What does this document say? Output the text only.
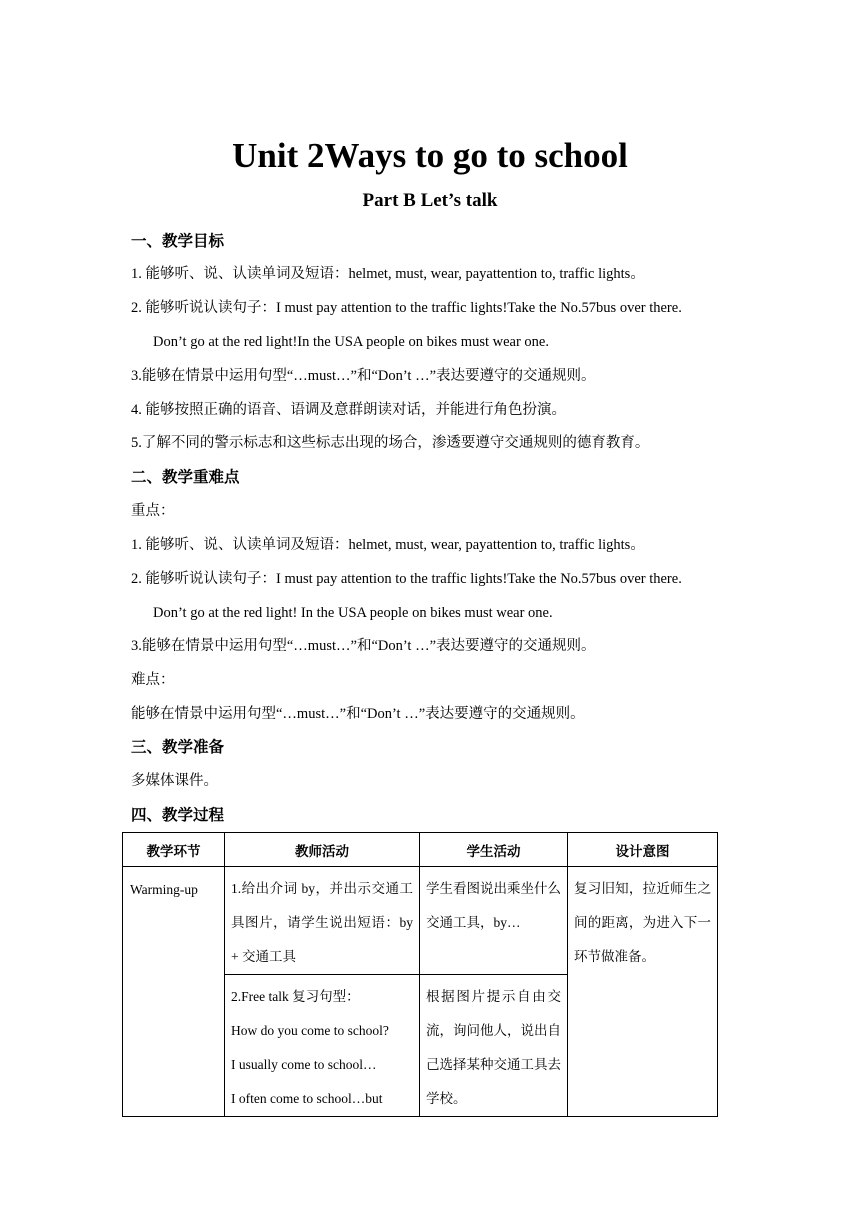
Unit 2Ways to go to school
Part B Let’s talk
一、教学目标
1. 能够听、说、认读单词及短语：helmet, must, wear, payattention to, traffic lights。
2. 能够听说认读句子：I must pay attention to the traffic lights!Take the No.57bus over there.
Don’t go at the red light!In the USA people on bikes must wear one.
3.能够在情景中运用句型“…must…”和“Don’t …”表达要遵守的交通规则。
4. 能够按照正确的语音、语调及意群朗读对话，并能进行角色扮演。
5.了解不同的警示标志和这些标志出现的场合，渗透要遵守交通规则的德育教育。
二、教学重难点
重点：
1. 能够听、说、认读单词及短语：helmet, must, wear, payattention to, traffic lights。
2. 能够听说认读句子：I must pay attention to the traffic lights!Take the No.57bus over there.
Don’t go at the red light! In the USA people on bikes must wear one.
3.能够在情景中运用句型“…must…”和“Don’t …”表达要遵守的交通规则。
难点：
能够在情景中运用句型“…must…”和“Don’t …”表达要遵守的交通规则。
三、教学准备
多媒体课件。
四、教学过程
教学环节	教师活动	学生活动	设计意图

Warming-up	1.给出介词 by，并出示交通工具图片，请学生说出短语：by + 交通工具	学生看图说出乘坐什么交通工具，by…	复习旧知，拉近师生之间的距离，为进入下一环节做准备。

	2.Free talk 复习句型：
How do you come to school?
I usually come to school…
I often come to school…but	根据图片提示自由交流，询问他人，说出自己选择某种交通工具去学校。	
